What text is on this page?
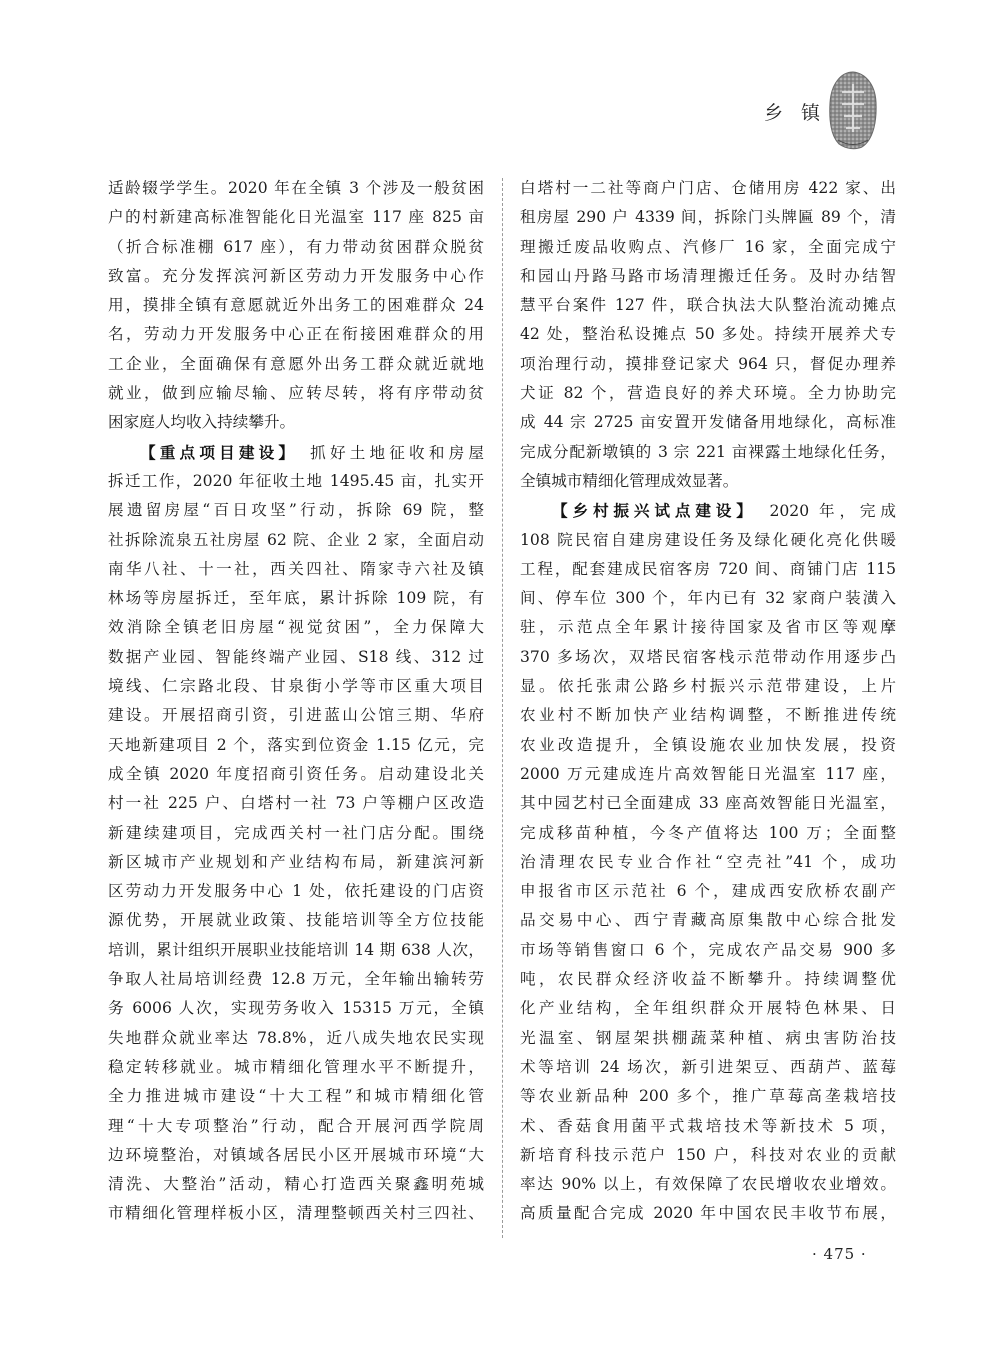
乡 镇
适龄辍学学生。2020 年在全镇 3 个涉及一般贫困
户的村新建高标准智能化日光温室 117 座 825 亩
（折合标准棚 617 座），有力带动贫困群众脱贫
致富。充分发挥滨河新区劳动力开发服务中心作
用，摸排全镇有意愿就近外出务工的困难群众 24
名，劳动力开发服务中心正在衔接困难群众的用
工企业，全面确保有意愿外出务工群众就近就地
就业，做到应输尽输、应转尽转，将有序带动贫
困家庭人均收入持续攀升。
【重点项目建设】　抓好土地征收和房屋
拆迁工作，2020 年征收土地 1495.45 亩，扎实开
展遗留房屋“百日攻坚”行动，拆除 69 院，整
社拆除流泉五社房屋 62 院、企业 2 家，全面启动
南华八社、十一社，西关四社、隋家寺六社及镇
林场等房屋拆迁，至年底，累计拆除 109 院，有
效消除全镇老旧房屋“视觉贫困”，全力保障大
数据产业园、智能终端产业园、S18 线、312 过
境线、仁宗路北段、甘泉街小学等市区重大项目
建设。开展招商引资，引进蓝山公馆三期、华府
天地新建项目 2 个，落实到位资金 1.15 亿元，完
成全镇 2020 年度招商引资任务。启动建设北关
村一社 225 户、白塔村一社 73 户等棚户区改造
新建续建项目，完成西关村一社门店分配。围绕
新区城市产业规划和产业结构布局，新建滨河新
区劳动力开发服务中心 1 处，依托建设的门店资
源优势，开展就业政策、技能培训等全方位技能
培训，累计组织开展职业技能培训 14 期 638 人次，
争取人社局培训经费 12.8 万元，全年输出输转劳
务 6006 人次，实现劳务收入 15315 万元，全镇
失地群众就业率达 78.8%，近八成失地农民实现
稳定转移就业。城市精细化管理水平不断提升，
全力推进城市建设“十大工程”和城市精细化管
理“十大专项整治”行动，配合开展河西学院周
边环境整治，对镇域各居民小区开展城市环境“大
清洗、大整治”活动，精心打造西关聚鑫明苑城
市精细化管理样板小区，清理整顿西关村三四社、
白塔村一二社等商户门店、仓储用房 422 家、出
租房屋 290 户 4339 间，拆除门头牌匾 89 个，清
理搬迁废品收购点、汽修厂 16 家，全面完成宁
和园山丹路马路市场清理搬迁任务。及时办结智
慧平台案件 127 件，联合执法大队整治流动摊点
42 处，整治私设摊点 50 多处。持续开展养犬专
项治理行动，摸排登记家犬 964 只，督促办理养
犬证 82 个，营造良好的养犬环境。全力协助完
成 44 宗 2725 亩安置开发储备用地绿化，高标准
完成分配新墩镇的 3 宗 221 亩裸露土地绿化任务，
全镇城市精细化管理成效显著。
【乡村振兴试点建设】　2020 年，完成
108 院民宿自建房建设任务及绿化硬化亮化供暖
工程，配套建成民宿客房 720 间、商铺门店 115
间、停车位 300 个，年内已有 32 家商户装潢入
驻，示范点全年累计接待国家及省市区等观摩
370 多场次，双塔民宿客栈示范带动作用逐步凸
显。依托张肃公路乡村振兴示范带建设，上片
农业村不断加快产业结构调整，不断推进传统
农业改造提升，全镇设施农业加快发展，投资
2000 万元建成连片高效智能日光温室 117 座，
其中园艺村已全面建成 33 座高效智能日光温室，
完成移苗种植，今冬产值将达 100 万；全面整
治清理农民专业合作社“空壳社”41 个，成功
申报省市区示范社 6 个，建成西安欣桥农副产
品交易中心、西宁青藏高原集散中心综合批发
市场等销售窗口 6 个，完成农产品交易 900 多
吨，农民群众经济收益不断攀升。持续调整优
化产业结构，全年组织群众开展特色林果、日
光温室、钢屋架拱棚蔬菜种植、病虫害防治技
术等培训 24 场次，新引进架豆、西葫芦、蓝莓
等农业新品种 200 多个，推广草莓高垄栽培技
术、香菇食用菌平式栽培技术等新技术 5 项，
新培育科技示范户 150 户，科技对农业的贡献
率达 90% 以上，有效保障了农民增收农业增效。
高质量配合完成 2020 年中国农民丰收节布展，
· 475 ·
